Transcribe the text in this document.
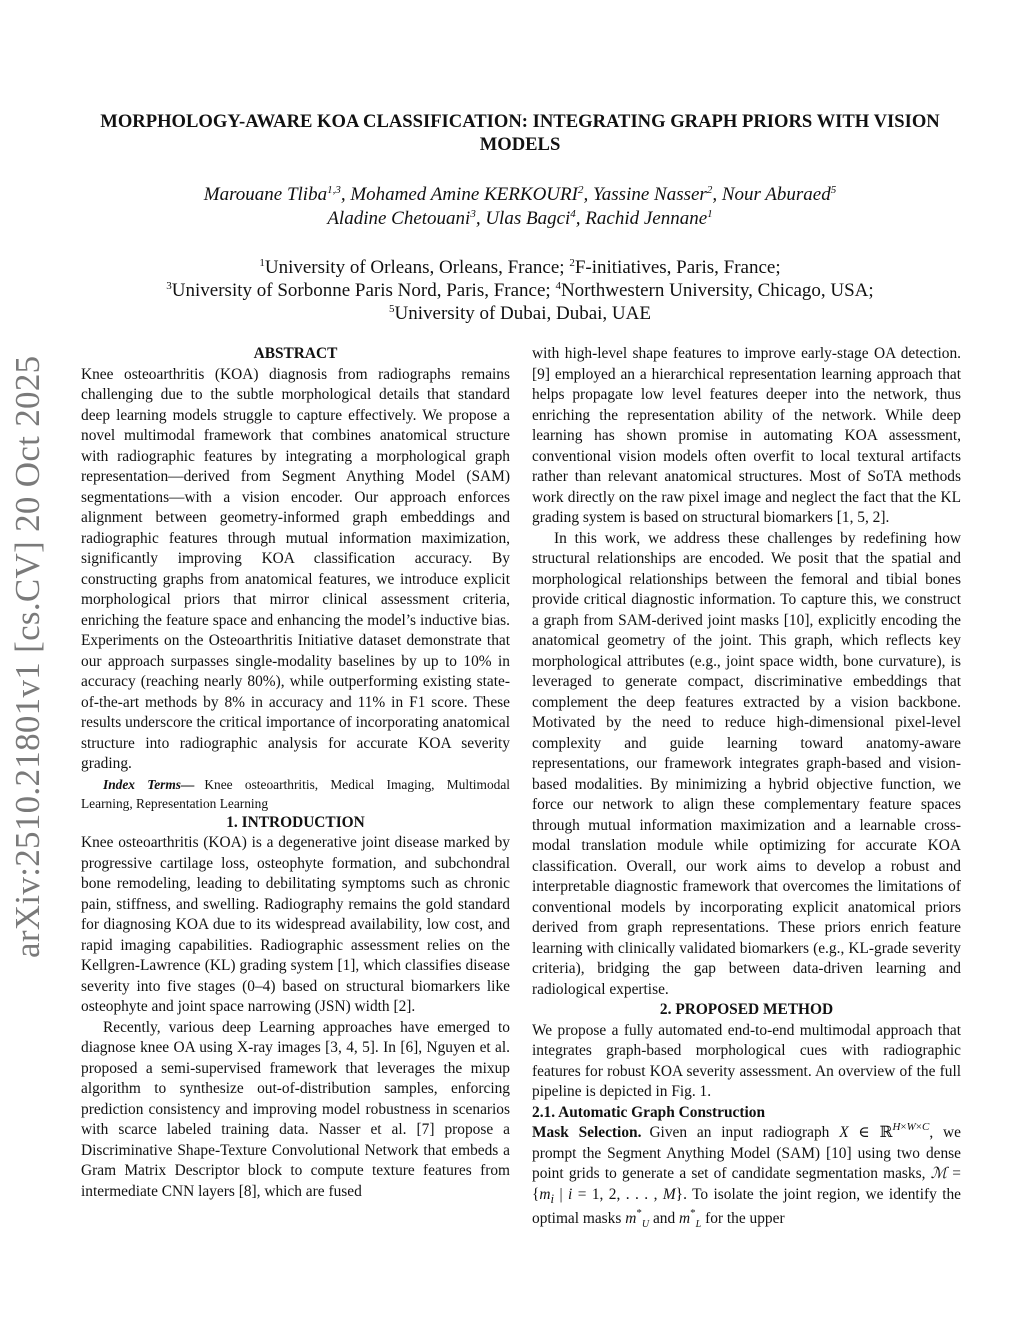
arXiv:2510.21801v1 [cs.CV] 20 Oct 2025
MORPHOLOGY-AWARE KOA CLASSIFICATION: INTEGRATING GRAPH PRIORS WITH VISION MODELS
Marouane Tliba$^{1,3}$, Mohamed Amine KERKOURI$^2$, Yassine Nasser$^2$, Nour Aburaed$^5$
Aladine Chetouani$^3$, Ulas Bagci$^4$, Rachid Jennane$^1$
$^1$University of Orleans, Orleans, France; $^2$F-initiatives, Paris, France;
$^3$University of Sorbonne Paris Nord, Paris, France; $^4$Northwestern University, Chicago, USA;
$^5$University of Dubai, Dubai, UAE

ABSTRACT

Knee osteoarthritis (KOA) diagnosis from radiographs remains challenging due to the subtle morphological details that standard deep learning models struggle to capture effectively. We propose a novel multimodal framework that combines anatomical structure with radiographic features by integrating a morphological graph representation—derived from Segment Anything Model (SAM) segmentations—with a vision encoder. Our approach enforces alignment between geometry-informed graph embeddings and radiographic features through mutual information maximization, significantly improving KOA classification accuracy. By constructing graphs from anatomical features, we introduce explicit morphological priors that mirror clinical assessment criteria, enriching the feature space and enhancing the model’s inductive bias. Experiments on the Osteoarthritis Initiative dataset demonstrate that our approach surpasses single-modality baselines by up to 10% in accuracy (reaching nearly 80%), while outperforming existing state-of-the-art methods by 8% in accuracy and 11% in F1 score. These results underscore the critical importance of incorporating anatomical structure into radiographic analysis for accurate KOA severity grading.

Index Terms— Knee osteoarthritis, Medical Imaging, Multimodal Learning, Representation Learning

1. INTRODUCTION

Knee osteoarthritis (KOA) is a degenerative joint disease marked by progressive cartilage loss, osteophyte formation, and subchondral bone remodeling, leading to debilitating symptoms such as chronic pain, stiffness, and swelling. Radiography remains the gold standard for diagnosing KOA due to its widespread availability, low cost, and rapid imaging capabilities. Radiographic assessment relies on the Kellgren-Lawrence (KL) grading system [1], which classifies disease severity into five stages (0–4) based on structural biomarkers like osteophyte and joint space narrowing (JSN) width [2].

Recently, various deep Learning approaches have emerged to diagnose knee OA using X-ray images [3, 4, 5]. In [6], Nguyen et al. proposed a semi-supervised framework that leverages the mixup algorithm to synthesize out-of-distribution samples, enforcing prediction consistency and improving model robustness in scenarios with scarce labeled training data. Nasser et al. [7] propose a Discriminative Shape-Texture Convolutional Network that embeds a Gram Matrix Descriptor block to compute texture features from intermediate CNN layers [8], which are fused

with high-level shape features to improve early-stage OA detection. [9] employed an a hierarchical representation learning approach that helps propagate low level features deeper into the network, thus enriching the representation ability of the network. While deep learning has shown promise in automating KOA assessment, conventional vision models often overfit to local textural artifacts rather than relevant anatomical structures. Most of SoTA methods work directly on the raw pixel image and neglect the fact that the KL grading system is based on structural biomarkers [1, 5, 2].

In this work, we address these challenges by redefining how structural relationships are encoded. We posit that the spatial and morphological relationships between the femoral and tibial bones provide critical diagnostic information. To capture this, we construct a graph from SAM-derived joint masks [10], explicitly encoding the anatomical geometry of the joint. This graph, which reflects key morphological attributes (e.g., joint space width, bone curvature), is leveraged to generate compact, discriminative embeddings that complement the deep features extracted by a vision backbone. Motivated by the need to reduce high-dimensional pixel-level complexity and guide learning toward anatomy-aware representations, our framework integrates graph-based and vision-based modalities. By minimizing a hybrid objective function, we force our network to align these complementary feature spaces through mutual information maximization and a learnable cross-modal translation module while optimizing for accurate KOA classification. Overall, our work aims to develop a robust and interpretable diagnostic framework that overcomes the limitations of conventional models by incorporating explicit anatomical priors derived from graph representations. These priors enrich feature learning with clinically validated biomarkers (e.g., KL-grade severity criteria), bridging the gap between data-driven learning and radiological expertise.

2. PROPOSED METHOD

We propose a fully automated end-to-end multimodal approach that integrates graph-based morphological cues with radiographic features for robust KOA severity assessment. An overview of the full pipeline is depicted in Fig. 1.

2.1. Automatic Graph Construction

Mask Selection. Given an input radiograph X ∈ ℝ$^{H\times W\times C}$, we prompt the Segment Anything Model (SAM) [10] using two dense point grids to generate a set of candidate segmentation masks, ℳ = {$m_i$ | i = 1, 2, . . . , M}. To isolate the joint region, we identify the optimal masks $m^*_U$ and $m^*_L$ for the upper
